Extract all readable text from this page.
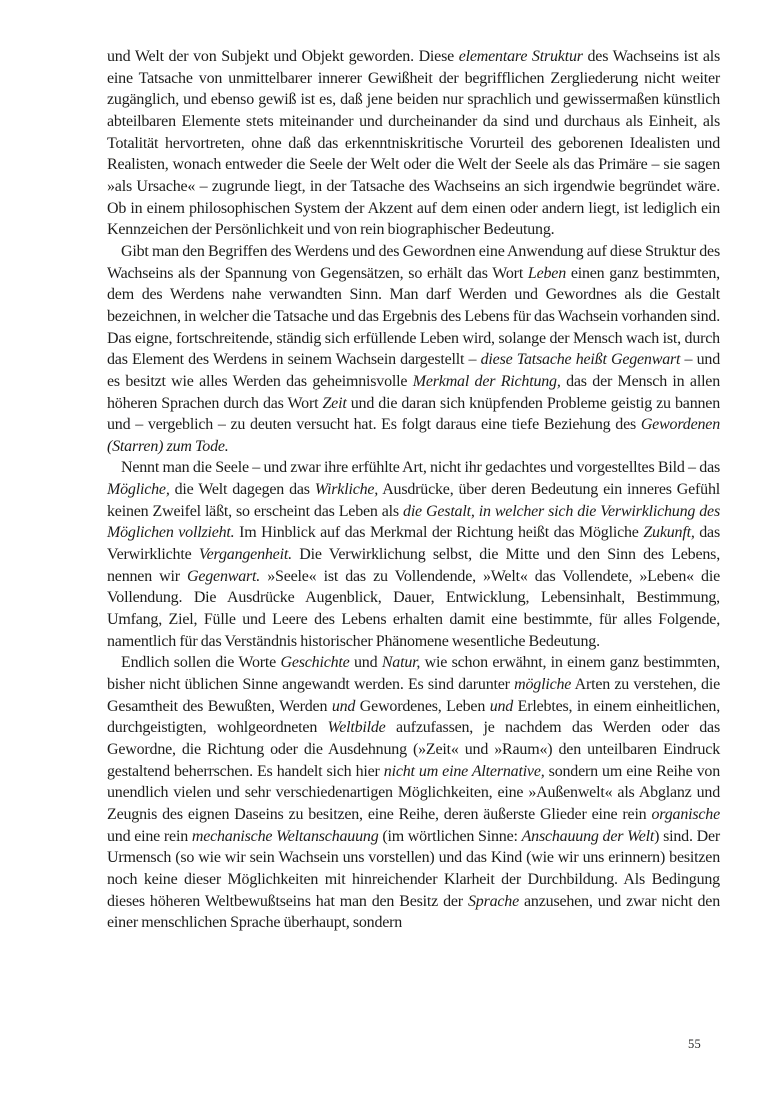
und Welt der von Subjekt und Objekt geworden. Diese elementare Struktur des Wachseins ist als eine Tatsache von unmittelbarer innerer Gewißheit der begrifflichen Zergliederung nicht weiter zugänglich, und ebenso gewiß ist es, daß jene beiden nur sprachlich und gewissermaßen künstlich abteilbaren Elemente stets miteinander und durcheinander da sind und durchaus als Einheit, als Totalität hervortreten, ohne daß das erkenntniskritische Vorurteil des geborenen Idealisten und Realisten, wonach entweder die Seele der Welt oder die Welt der Seele als das Primäre – sie sagen »als Ursache« – zugrunde liegt, in der Tatsache des Wachseins an sich irgendwie begründet wäre. Ob in einem philosophischen System der Akzent auf dem einen oder andern liegt, ist lediglich ein Kennzeichen der Persönlichkeit und von rein biographischer Bedeutung.

Gibt man den Begriffen des Werdens und des Gewordnen eine Anwendung auf diese Struktur des Wachseins als der Spannung von Gegensätzen, so erhält das Wort Leben einen ganz bestimmten, dem des Werdens nahe verwandten Sinn. Man darf Werden und Gewordnes als die Gestalt bezeichnen, in welcher die Tatsache und das Ergebnis des Lebens für das Wachsein vorhanden sind. Das eigne, fortschreitende, ständig sich erfüllende Leben wird, solange der Mensch wach ist, durch das Element des Werdens in seinem Wachsein dargestellt – diese Tatsache heißt Gegenwart – und es besitzt wie alles Werden das geheimnisvolle Merkmal der Richtung, das der Mensch in allen höheren Sprachen durch das Wort Zeit und die daran sich knüpfenden Probleme geistig zu bannen und – vergeblich – zu deuten versucht hat. Es folgt daraus eine tiefe Beziehung des Gewordenen (Starren) zum Tode.

Nennt man die Seele – und zwar ihre erfühlte Art, nicht ihr gedachtes und vorgestelltes Bild – das Mögliche, die Welt dagegen das Wirkliche, Ausdrücke, über deren Bedeutung ein inneres Gefühl keinen Zweifel läßt, so erscheint das Leben als die Gestalt, in welcher sich die Verwirklichung des Möglichen vollzieht. Im Hinblick auf das Merkmal der Richtung heißt das Mögliche Zukunft, das Verwirklichte Vergangenheit. Die Verwirklichung selbst, die Mitte und den Sinn des Lebens, nennen wir Gegenwart. »Seele« ist das zu Vollendende, »Welt« das Vollendete, »Leben« die Vollendung. Die Ausdrücke Augenblick, Dauer, Entwicklung, Lebensinhalt, Bestimmung, Umfang, Ziel, Fülle und Leere des Lebens erhalten damit eine bestimmte, für alles Folgende, namentlich für das Verständnis historischer Phänomene wesentliche Bedeutung.

Endlich sollen die Worte Geschichte und Natur, wie schon erwähnt, in einem ganz bestimmten, bisher nicht üblichen Sinne angewandt werden. Es sind darunter mögliche Arten zu verstehen, die Gesamtheit des Bewußten, Werden und Gewordenes, Leben und Erlebtes, in einem einheitlichen, durchgeistigten, wohlgeordneten Weltbilde aufzufassen, je nachdem das Werden oder das Gewordne, die Richtung oder die Ausdehnung (»Zeit« und »Raum«) den unteilbaren Eindruck gestaltend beherrschen. Es handelt sich hier nicht um eine Alternative, sondern um eine Reihe von unendlich vielen und sehr verschiedenartigen Möglichkeiten, eine »Außenwelt« als Abglanz und Zeugnis des eignen Daseins zu besitzen, eine Reihe, deren äußerste Glieder eine rein organische und eine rein mechanische Weltanschauung (im wörtlichen Sinne: Anschauung der Welt) sind. Der Urmensch (so wie wir sein Wachsein uns vorstellen) und das Kind (wie wir uns erinnern) besitzen noch keine dieser Möglichkeiten mit hinreichender Klarheit der Durchbildung. Als Bedingung dieses höheren Weltbewußtseins hat man den Besitz der Sprache anzusehen, und zwar nicht den einer menschlichen Sprache überhaupt, sondern

55
